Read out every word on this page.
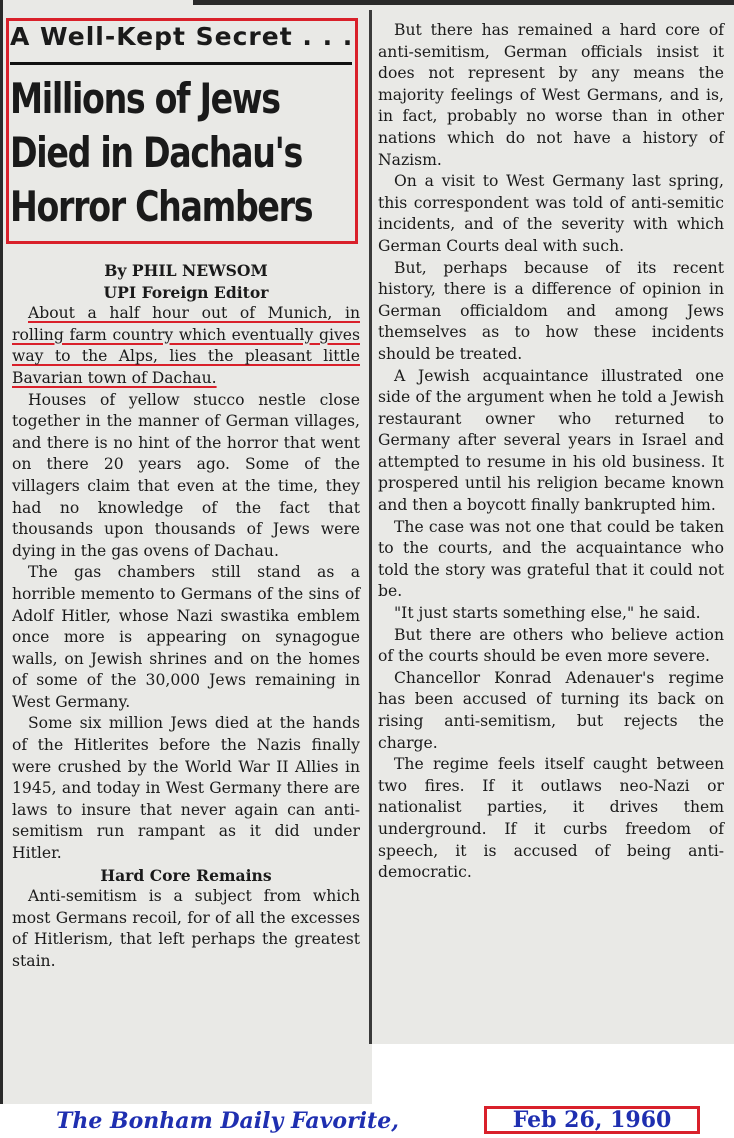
A Well-Kept Secret . . .
Millions of Jews
Died in Dachau's
Horror Chambers
By PHIL NEWSOM
UPI Foreign Editor

About a half hour out of Munich, in rolling farm country which eventually gives way to the Alps, lies the pleasant little Bavarian town of Dachau.

Houses of yellow stucco nestle close together in the manner of German villages, and there is no hint of the horror that went on there 20 years ago. Some of the villagers claim that even at the time, they had no knowledge of the fact that thousands upon thousands of Jews were dying in the gas ovens of Dachau.

The gas chambers still stand as a horrible memento to Germans of the sins of Adolf Hitler, whose Nazi swastika emblem once more is appearing on synagogue walls, on Jewish shrines and on the homes of some of the 30,000 Jews remaining in West Germany.

Some six million Jews died at the hands of the Hitlerites before the Nazis finally were crushed by the World War II Allies in 1945, and today in West Germany there are laws to insure that never again can anti-semitism run rampant as it did under Hitler.

Hard Core Remains

Anti-semitism is a subject from which most Germans recoil, for of all the excesses of Hitlerism, that left perhaps the greatest stain.

But there has remained a hard core of anti-semitism, German officials insist it does not represent by any means the majority feelings of West Germans, and is, in fact, probably no worse than in other nations which do not have a history of Nazism.

On a visit to West Germany last spring, this correspondent was told of anti-semitic incidents, and of the severity with which German Courts deal with such.

But, perhaps because of its recent history, there is a difference of opinion in German officialdom and among Jews themselves as to how these incidents should be treated.

A Jewish acquaintance illustrated one side of the argument when he told a Jewish restaurant owner who returned to Germany after several years in Israel and attempted to resume in his old business. It prospered until his religion became known and then a boycott finally bankrupted him.

The case was not one that could be taken to the courts, and the acquaintance who told the story was grateful that it could not be.

"It just starts something else," he said.

But there are others who believe action of the courts should be even more severe.

Chancellor Konrad Adenauer's regime has been accused of turning its back on rising anti-semitism, but rejects the charge.

The regime feels itself caught between two fires. If it outlaws neo-Nazi or nationalist parties, it drives them underground. If it curbs freedom of speech, it is accused of being anti-democratic.

The Bonham Daily Favorite,	Feb 26, 1960
